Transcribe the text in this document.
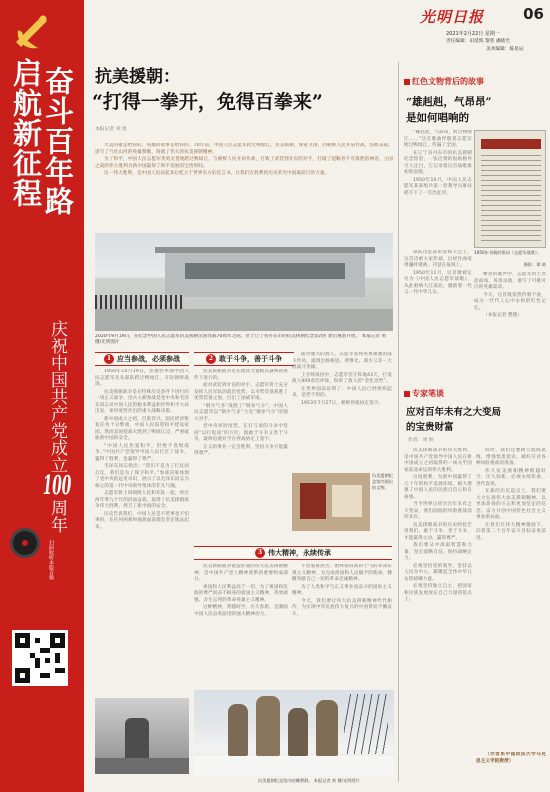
奋斗百年路
启航新征程
庆祝中国共产党成立100周年
扫码收听本版音频
光明日报	06
2021年2月22日 星期一
责任编辑：田延辉 黎慈 潘晓光
美术编辑：陈星辰
抗美援朝：
“打得一拳开，免得百拳来”
本报记者 刘 勇

大美的歌是给你的，英雄的故事是给你的。70年前，中国人民志愿军跨过鸭绿江，抗美援朝，保家卫国，同朝鲜人民并肩作战，浴血奋战，谱写了气壮山河的英雄赞歌，铸就了伟大的抗美援朝精神。

为了和平，中国人民志愿军英勇无畏地跨过鸭绿江，与朝鲜人民并肩作战，打败了武装到牙齿的对手，打破了侵略者不可战胜的神话，立国之战的伟大胜利为新中国赢得了和平发展的宝贵时间。

这一伟大胜利，是中国人民站起来后屹立于世界东方的宣言书。让我们在胜利的历史荣光中汲取前行的力量。

2020年9月19日，在纪念中国人民志愿军抗美援朝出国作战70周年之际，位于辽宁省丹东市的抗美援朝纪念馆改扩建后重新开放。 本报记者 黄 摄/光明图片
1 应当参战，必须参战

1950年10月19日，彭德怀率领中国人民志愿军先头部队跨过鸭绿江，开赴朝鲜战场。

抗美援朝战争是在特殊历史条件下进行的一场正义战争，出兵入朝参战是党中央和毛泽东同志从中国人民的根本利益和世界和平大局出发，审时度势作出的重大战略决策。

新中国成立之初，百废待兴，国民经济恢复任务十分繁重，中国人民渴望和平建设家园。然而美国把战火烧到了鸭绿江边，严重威胁新中国的安全。

“中国人民热爱和平，但绝不畏惧战争。”中国共产党领导中国人民打过了战争，赢得了胜利，也赢得了尊严。

毛泽东同志指出：“我们不是为了打仗而打仗，我们是为了保卫和平。”参战决策体现了党中央的远见卓识，展示了以毛泽东同志为核心的第一代中央领导集体的非凡气魄。

志愿军将士同朝鲜人民和军队一起，经过两年零九个月的浴血奋战，取得了抗美援朝战争伟大胜利，捍卫了新中国的安全。

历史告诉我们，中国人民是不惹事也不怕事的，在任何困难和强敌面前都会坚定地站起来。

2 敢于斗争，善于斗争

抗美援朝战争是在敌我力量极其悬殊的条件下进行的。

面对武装到牙齿的对手，志愿军将士充分发挥人民军队的政治优势，以劣势装备战胜了优势装备之敌，打出了国威军威。

“钢少气多”战胜了“钢多气少”。中国人民志愿军以“钢少气多”力克“钢多气少”的强大对手。

党中央审时度势，在打与谈的斗争中坚持“以打促谈”的方针，既敢于斗争又善于斗争，最终迫使对手在停战协定上签字。

正义的事业一定会胜利，坚持斗争方能赢得尊严。

面对强大的敌人，志愿军发扬英勇顽强的战斗作风，涌现出杨根思、黄继光、邱少云等一大批战斗英雄。

上甘岭战役中，志愿军坚守阵地43天，打退敌人900余次冲锋，粉碎了敌人的“金化攻势”。

在世界面前证明了：中国人民已经组织起来，是惹不得的。

1953年7月27日，朝鲜停战协定签字。

抗美援朝纪念馆内展出的文物。
3 伟大精神，永续传承

抗美援朝战争锻造形成的伟大抗美援朝精神，是中国共产党人精神谱系的重要组成部分。

祖国和人民利益高于一切、为了祖国和民族的尊严而奋不顾身的爱国主义精神，英勇顽强、舍生忘死的革命英雄主义精神。

这种精神，穿越时空，历久弥新，是激励中国人民奋勇前进的强大精神动力。

不畏艰难困苦、始终保持高昂士气的革命乐观主义精神，为完成祖国和人民赋予的使命、慷慨奉献自己一切的革命忠诚精神。

为了人类和平与正义事业而奋斗的国际主义精神。

今天，我们要让伟大抗美援朝精神代代相传，为实现中华民族伟大复兴的中国梦而不懈奋斗。

抗美援朝纪念馆内的雕塑群。 本报记者 黄 摄/光明图片
红色文物背后的故事
“雄赳赳，气昂昂”
是如何唱响的

“雄赳赳，气昂昂，跨过鸭绿江……”这首歌曲伴随着志愿军跨过鸭绿江，传遍了全国。

在辽宁省丹东市的抗美援朝纪念馆里，一张泛黄的报纸格外引人注目，它记录着这首战歌最初的面貌。

1950年10月，中国人民志愿军某部炮兵第一营教导员麻扶摇写下了一首出征诗。

1950年刊载的歌词《志愿军战歌》。
摄影：郑 萌

部队出征前的誓师大会上，这首诗被大家传诵，后经作曲家周巍峙谱曲，刊登在报纸上。

1950年11月，这首歌被定名为《中国人民志愿军战歌》，从此唱响大江南北，激励着一代又一代中华儿女。

嘹亮的歌声中，志愿军将士奔赴战场，英勇杀敌，谱写了可歌可泣的英雄篇章。

今天，这首歌依然传唱不衰，成为一代代人心中永恒的红色记忆。

（本报记者 整理）

专家笔谈
应对百年未有之大变局
的宝贵财富
作者：刘 炳

抗美援朝战争的伟大胜利，是中国共产党领导中国人民在新中国成立之初取得的一场关乎国家前途命运的伟大胜利。

这场胜利，为新中国赢得了几十年的和平发展环境，极大增强了中国人民的民族自信心和自豪感。

当今世界正经历百年未有之大变局，我们面临的风险挑战前所未有。

抗美援朝战争的历史经验告诉我们，敢于斗争、善于斗争，才能赢得主动、赢得尊严。

我们要从中汲取智慧和力量，坚定战略自信，保持战略定力。

必须坚持党的领导，坚持以人民为中心，凝聚起全体中华儿女的磅礴力量。

必须坚持独立自主，把国家和民族发展放在自己力量的基点上。

同时，我们还要树立底线思维，增强忧患意识，做好应对各种风险挑战的准备。

伟大抗美援朝精神跨越时空、历久弥新，必须永续传承、世代发扬。

在新的历史起点上，我们要大力弘扬伟大抗美援朝精神，以更加昂扬的斗志和更加坚定的信念，奋力开创中国特色社会主义事业新局面。

让我们在伟大精神激励下，向着第二个百年奋斗目标奋勇前进。

（作者系中国政法大学马克思主义学院教授）
